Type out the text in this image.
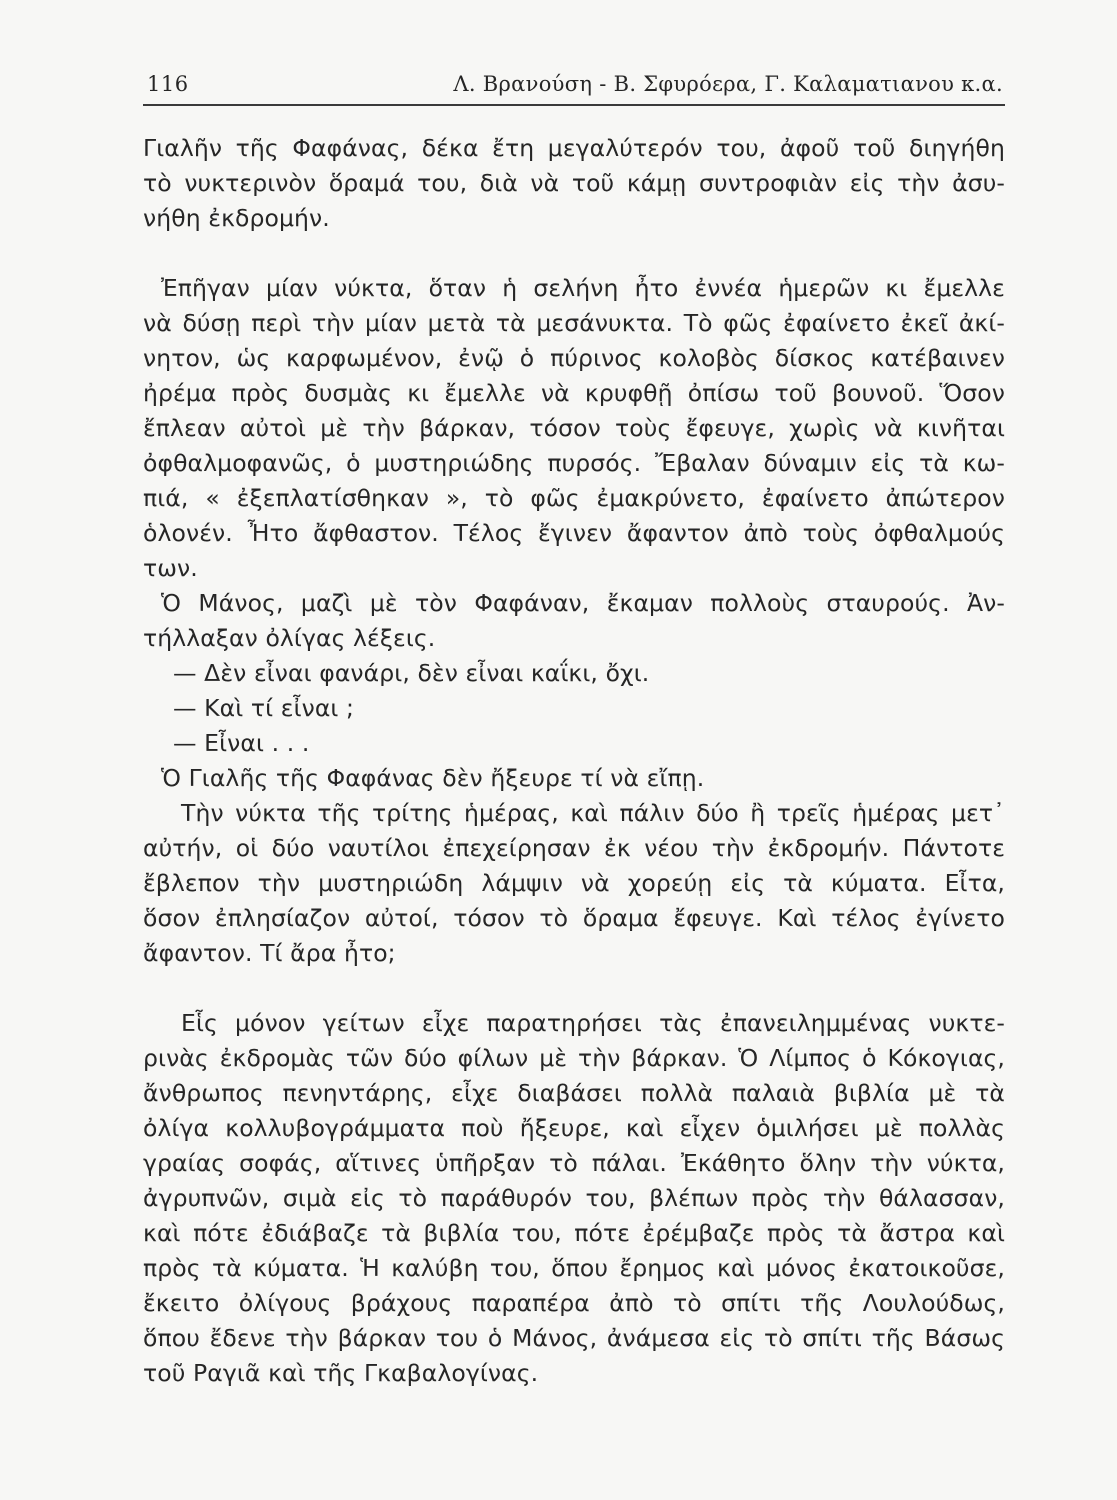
116	Λ. Βρανούση - Β. Σφυρόερα, Γ. Καλαματιανου κ.α.
Γιαλῆν τῆς Φαφάνας, δέκα ἔτη μεγαλύτερόν του, ἀφοῦ τοῦ διηγήθη
τὸ νυκτερινὸν ὅραμά του, διὰ νὰ τοῦ κάμῃ συντροφιὰν εἰς τὴν ἀσυ-
νήθη ἐκδρομήν.
Ἐπῆγαν μίαν νύκτα, ὅταν ἡ σελήνη ἦτο ἐννέα ἡμερῶν κι ἔμελλε
νὰ δύσῃ περὶ τὴν μίαν μετὰ τὰ μεσάνυκτα. Τὸ φῶς ἐφαίνετο ἐκεῖ ἀκί-
νητον, ὡς καρφωμένον, ἐνῷ ὁ πύρινος κολοβὸς δίσκος κατέβαινεν
ἠρέμα πρὸς δυσμὰς κι ἔμελλε νὰ κρυφθῇ ὀπίσω τοῦ βουνοῦ. Ὅσον
ἔπλεαν αὐτοὶ μὲ τὴν βάρκαν, τόσον τοὺς ἔφευγε, χωρὶς νὰ κινῆται
ὀφθαλμοφανῶς, ὁ μυστηριώδης πυρσός. Ἔβαλαν δύναμιν εἰς τὰ κω-
πιά, « ἐξεπλατίσθηκαν », τὸ φῶς ἐμακρύνετο, ἐφαίνετο ἀπώτερον
ὁλονέν. Ἦτο ἄφθαστον. Τέλος ἔγινεν ἄφαντον ἀπὸ τοὺς ὀφθαλμούς
των.
Ὁ Μάνος, μαζὶ μὲ τὸν Φαφάναν, ἔκαμαν πολλοὺς σταυρούς. Ἀν-
τήλλαξαν ὀλίγας λέξεις.
— Δὲν εἶναι φανάρι, δὲν εἶναι καΐκι, ὄχι.
— Καὶ τί εἶναι ;
— Εἶναι . . .
Ὁ Γιαλῆς τῆς Φαφάνας δὲν ἤξευρε τί νὰ εἴπῃ.
Τὴν νύκτα τῆς τρίτης ἡμέρας, καὶ πάλιν δύο ἢ τρεῖς ἡμέρας μετ᾽
αὐτήν, οἱ δύο ναυτίλοι ἐπεχείρησαν ἐκ νέου τὴν ἐκδρομήν. Πάντοτε
ἔβλεπον τὴν μυστηριώδη λάμψιν νὰ χορεύῃ εἰς τὰ κύματα. Εἶτα,
ὅσον ἐπλησίαζον αὐτοί, τόσον τὸ ὅραμα ἔφευγε. Καὶ τέλος ἐγίνετο
ἄφαντον. Τί ἄρα ἦτο;
Εἷς μόνον γείτων εἶχε παρατηρήσει τὰς ἐπανειλημμένας νυκτε-
ρινὰς ἐκδρομὰς τῶν δύο φίλων μὲ τὴν βάρκαν. Ὁ Λίμπος ὁ Κόκογιας,
ἄνθρωπος πενηντάρης, εἶχε διαβάσει πολλὰ παλαιὰ βιβλία μὲ τὰ
ὀλίγα κολλυβογράμματα ποὺ ἤξευρε, καὶ εἶχεν ὁμιλήσει μὲ πολλὰς
γραίας σοφάς, αἵτινες ὑπῆρξαν τὸ πάλαι. Ἐκάθητο ὅλην τὴν νύκτα,
ἀγρυπνῶν, σιμὰ εἰς τὸ παράθυρόν του, βλέπων πρὸς τὴν θάλασσαν,
καὶ πότε ἐδιάβαζε τὰ βιβλία του, πότε ἐρέμβαζε πρὸς τὰ ἄστρα καὶ
πρὸς τὰ κύματα. Ἡ καλύβη του, ὅπου ἔρημος καὶ μόνος ἐκατοικοῦσε,
ἔκειτο ὀλίγους βράχους παραπέρα ἀπὸ τὸ σπίτι τῆς Λουλούδως,
ὅπου ἔδενε τὴν βάρκαν του ὁ Μάνος, ἀνάμεσα εἰς τὸ σπίτι τῆς Βάσως
τοῦ Ραγιᾶ καὶ τῆς Γκαβαλογίνας.
